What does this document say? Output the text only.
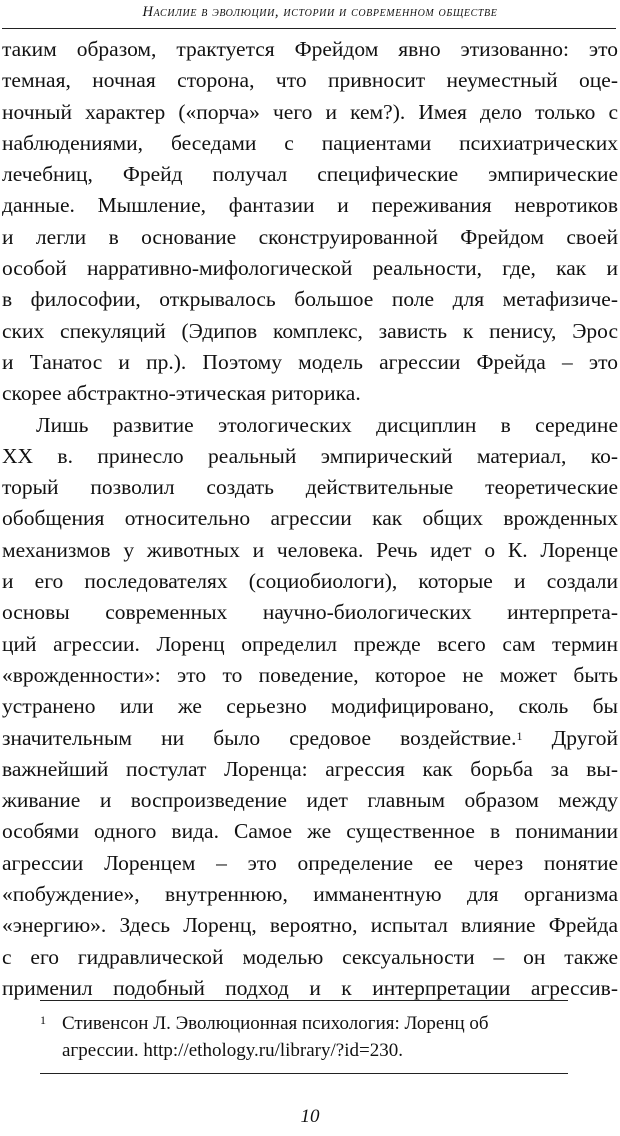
Насилие в эволюции, истории и современном обществе

таким образом, трактуется Фрейдом явно этизованно: это
темная, ночная сторона, что привносит неуместный оце-
ночный характер («порча» чего и кем?). Имея дело только с
наблюдениями, беседами с пациентами психиатрических
лечебниц, Фрейд получал специфические эмпирические
данные. Мышление, фантазии и переживания невротиков
и легли в основание сконструированной Фрейдом своей
особой нарративно-мифологической реальности, где, как и
в философии, открывалось большое поле для метафизиче-
ских спекуляций (Эдипов комплекс, зависть к пенису, Эрос
и Танатос и пр.). Поэтому модель агрессии Фрейда – это
скорее абстрактно-этическая риторика.

Лишь развитие этологических дисциплин в середине
XX в. принесло реальный эмпирический материал, ко-
торый позволил создать действительные теоретические
обобщения относительно агрессии как общих врожденных
механизмов у животных и человека. Речь идет о К. Лоренце
и его последователях (социобиологи), которые и создали
основы современных научно-биологических интерпрета-
ций агрессии. Лоренц определил прежде всего сам термин
«врожденности»: это то поведение, которое не может быть
устранено или же серьезно модифицировано, сколь бы
значительным ни было средовое воздействие.$^1$ Другой
важнейший постулат Лоренца: агрессия как борьба за вы-
живание и воспроизведение идет главным образом между
особями одного вида. Самое же существенное в понимании
агрессии Лоренцем – это определение ее через понятие
«побуждение», внутреннюю, имманентную для организма
«энергию». Здесь Лоренц, вероятно, испытал влияние Фрейда
с его гидравлической моделью сексуальности – он также
применил подобный подход и к интерпретации агрессив-

1 Стивенсон Л. Эволюционная психология: Лоренц об
агрессии. http://ethology.ru/library/?id=230.
10
